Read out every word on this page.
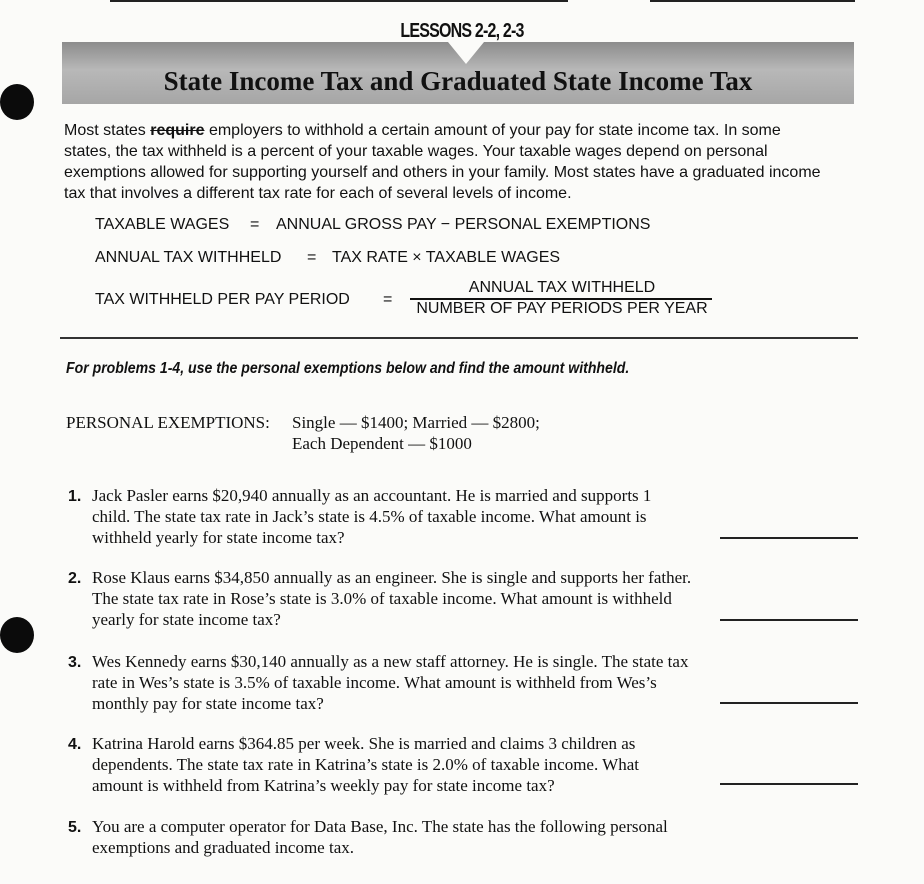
LESSONS 2-2, 2-3
State Income Tax and Graduated State Income Tax
Most states require employers to withhold a certain amount of your pay for state income tax. In some states, the tax withheld is a percent of your taxable wages. Your taxable wages depend on personal exemptions allowed for supporting yourself and others in your family. Most states have a graduated income tax that involves a different tax rate for each of several levels of income.
TAXABLE WAGES = ANNUAL GROSS PAY − PERSONAL EXEMPTIONS
ANNUAL TAX WITHHELD = TAX RATE × TAXABLE WAGES
TAX WITHHELD PER PAY PERIOD =
ANNUAL TAX WITHHELD
NUMBER OF PAY PERIODS PER YEAR
For problems 1-4, use the personal exemptions below and find the amount withheld.
PERSONAL EXEMPTIONS: Single — $1400; Married — $2800;
Each Dependent — $1000
1. Jack Pasler earns $20,940 annually as an accountant. He is married and supports 1 child. The state tax rate in Jack’s state is 4.5% of taxable income. What amount is withheld yearly for state income tax?
2. Rose Klaus earns $34,850 annually as an engineer. She is single and supports her father. The state tax rate in Rose’s state is 3.0% of taxable income. What amount is withheld yearly for state income tax?
3. Wes Kennedy earns $30,140 annually as a new staff attorney. He is single. The state tax rate in Wes’s state is 3.5% of taxable income. What amount is withheld from Wes’s monthly pay for state income tax?
4. Katrina Harold earns $364.85 per week. She is married and claims 3 children as dependents. The state tax rate in Katrina’s state is 2.0% of taxable income. What amount is withheld from Katrina’s weekly pay for state income tax?
5. You are a computer operator for Data Base, Inc. The state has the following personal exemptions and graduated income tax.
